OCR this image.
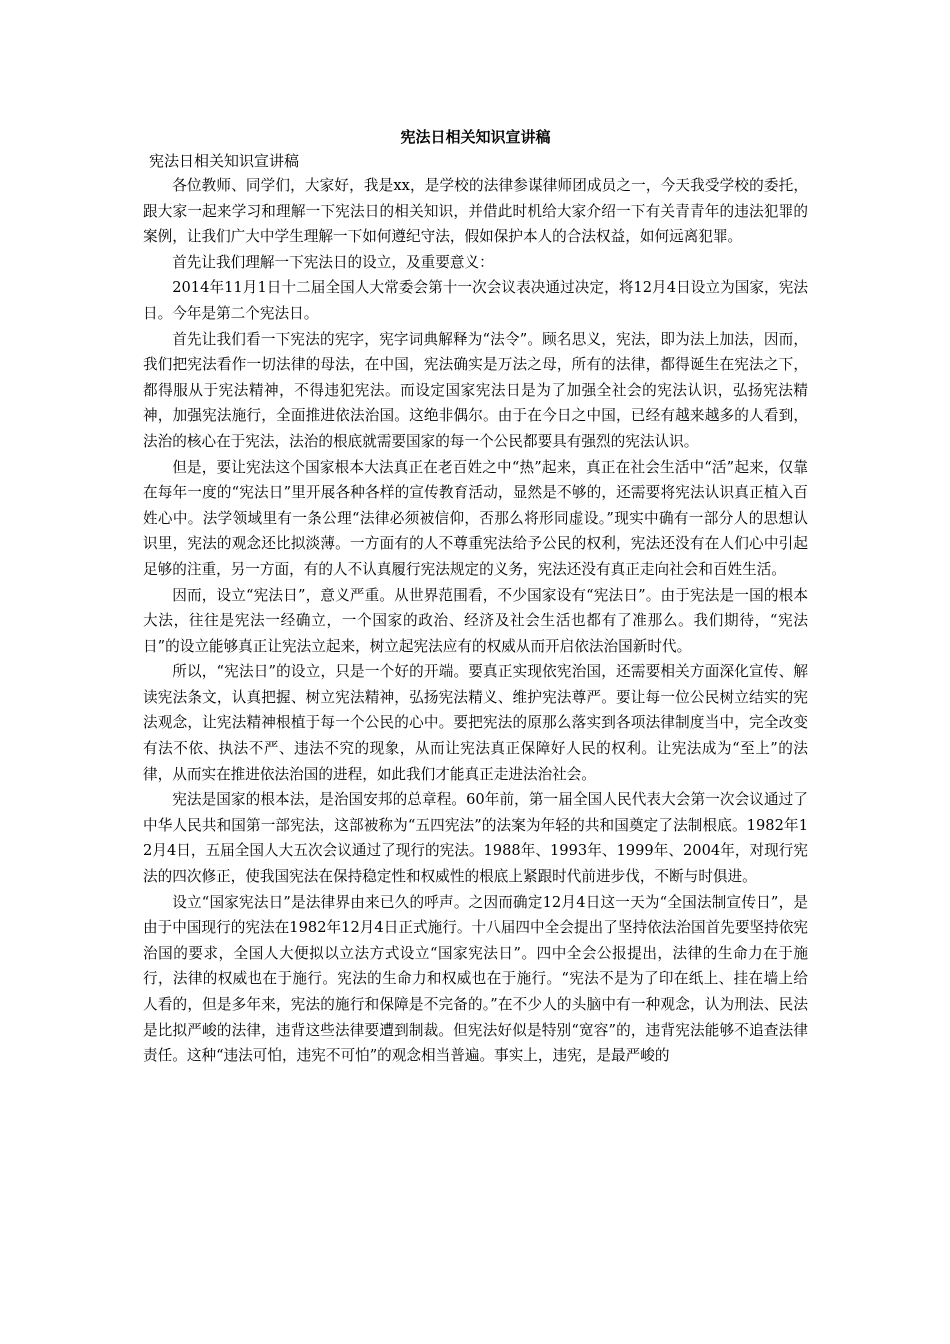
宪法日相关知识宣讲稿

宪法日相关知识宣讲稿

各位教师、同学们，大家好，我是xx，是学校的法律参谋律师团成员之一，今天我受学校的委托，跟大家一起来学习和理解一下宪法日的相关知识，并借此时机给大家介绍一下有关青青年的违法犯罪的案例，让我们广大中学生理解一下如何遵纪守法，假如保护本人的合法权益，如何远离犯罪。

首先让我们理解一下宪法日的设立，及重要意义：

2014年11月1日十二届全国人大常委会第十一次会议表决通过决定，将12月4日设立为国家，宪法日。今年是第二个宪法日。

首先让我们看一下宪法的宪字，宪字词典解释为“法令”。顾名思义，宪法，即为法上加法，因而，我们把宪法看作一切法律的母法，在中国，宪法确实是万法之母，所有的法律，都得诞生在宪法之下，都得服从于宪法精神，不得违犯宪法。而设定国家宪法日是为了加强全社会的宪法认识，弘扬宪法精神，加强宪法施行，全面推进依法治国。这绝非偶尔。由于在今日之中国，已经有越来越多的人看到，法治的核心在于宪法，法治的根底就需要国家的每一个公民都要具有强烈的宪法认识。

但是，要让宪法这个国家根本大法真正在老百姓之中“热”起来，真正在社会生活中“活”起来，仅靠在每年一度的“宪法日”里开展各种各样的宣传教育活动，显然是不够的，还需要将宪法认识真正植入百姓心中。法学领域里有一条公理“法律必须被信仰，否那么将形同虚设。”现实中确有一部分人的思想认识里，宪法的观念还比拟淡薄。一方面有的人不尊重宪法给予公民的权利，宪法还没有在人们心中引起足够的注重，另一方面，有的人不认真履行宪法规定的义务，宪法还没有真正走向社会和百姓生活。

因而，设立“宪法日”，意义严重。从世界范围看，不少国家设有“宪法日”。由于宪法是一国的根本大法，往往是宪法一经确立，一个国家的政治、经济及社会生活也都有了准那么。我们期待，“宪法日”的设立能够真正让宪法立起来，树立起宪法应有的权威从而开启依法治国新时代。

所以，“宪法日”的设立，只是一个好的开端。要真正实现依宪治国，还需要相关方面深化宣传、解读宪法条文，认真把握、树立宪法精神，弘扬宪法精义、维护宪法尊严。要让每一位公民树立结实的宪法观念，让宪法精神根植于每一个公民的心中。要把宪法的原那么落实到各项法律制度当中，完全改变有法不依、执法不严、违法不究的现象，从而让宪法真正保障好人民的权利。让宪法成为“至上”的法律，从而实在推进依法治国的进程，如此我们才能真正走进法治社会。

宪法是国家的根本法，是治国安邦的总章程。60年前，第一届全国人民代表大会第一次会议通过了中华人民共和国第一部宪法，这部被称为“五四宪法”的法案为年轻的共和国奠定了法制根底。1982年12月4日，五届全国人大五次会议通过了现行的宪法。1988年、1993年、1999年、2004年，对现行宪法的四次修正，使我国宪法在保持稳定性和权威性的根底上紧跟时代前进步伐，不断与时俱进。

设立“国家宪法日”是法律界由来已久的呼声。之因而确定12月4日这一天为“全国法制宣传日”，是由于中国现行的宪法在1982年12月4日正式施行。十八届四中全会提出了坚持依法治国首先要坚持依宪治国的要求，全国人大便拟以立法方式设立“国家宪法日”。四中全会公报提出，法律的生命力在于施行，法律的权威也在于施行。宪法的生命力和权威也在于施行。“宪法不是为了印在纸上、挂在墙上给人看的，但是多年来，宪法的施行和保障是不完备的。”在不少人的头脑中有一种观念，认为刑法、民法是比拟严峻的法律，违背这些法律要遭到制裁。但宪法好似是特别“宽容”的，违背宪法能够不追查法律责任。这种“违法可怕，违宪不可怕”的观念相当普遍。事实上，违宪，是最严峻的
